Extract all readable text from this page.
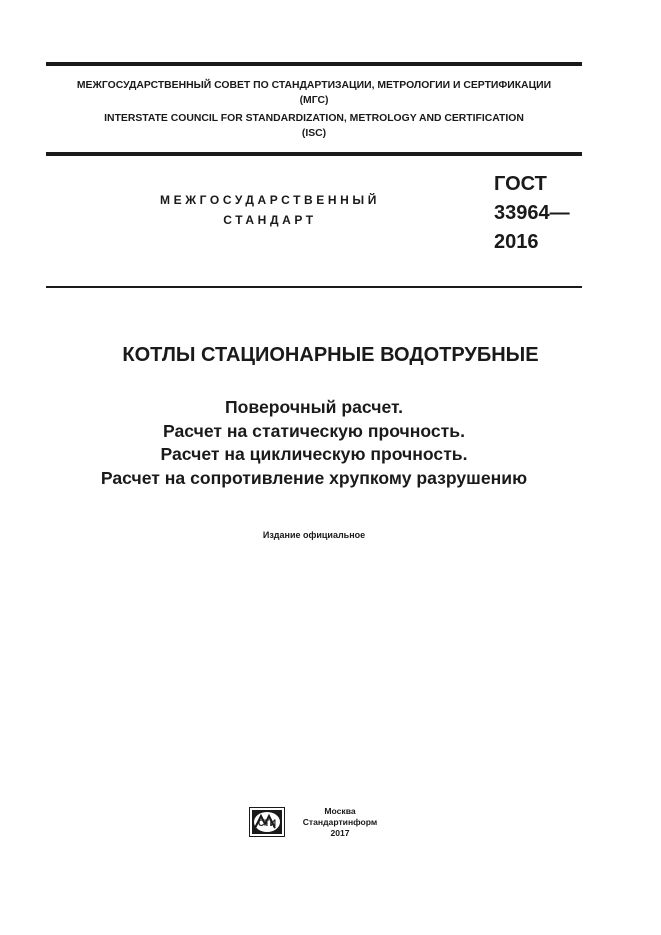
МЕЖГОСУДАРСТВЕННЫЙ СОВЕТ ПО СТАНДАРТИЗАЦИИ, МЕТРОЛОГИИ И СЕРТИФИКАЦИИ
(МГС)

INTERSTATE COUNCIL FOR STANDARDIZATION, METROLOGY AND CERTIFICATION
(ISC)

МЕЖГОСУДАРСТВЕННЫЙ

СТАНДАРТ

ГОСТ
33964—
2016

КОТЛЫ СТАЦИОНАРНЫЕ ВОДОТРУБНЫЕ

Поверочный расчет.
Расчет на статическую прочность.
Расчет на циклическую прочность.
Расчет на сопротивление хрупкому разрушению

Издание официальное

СТИ

Москва
Стандартинформ
2017
